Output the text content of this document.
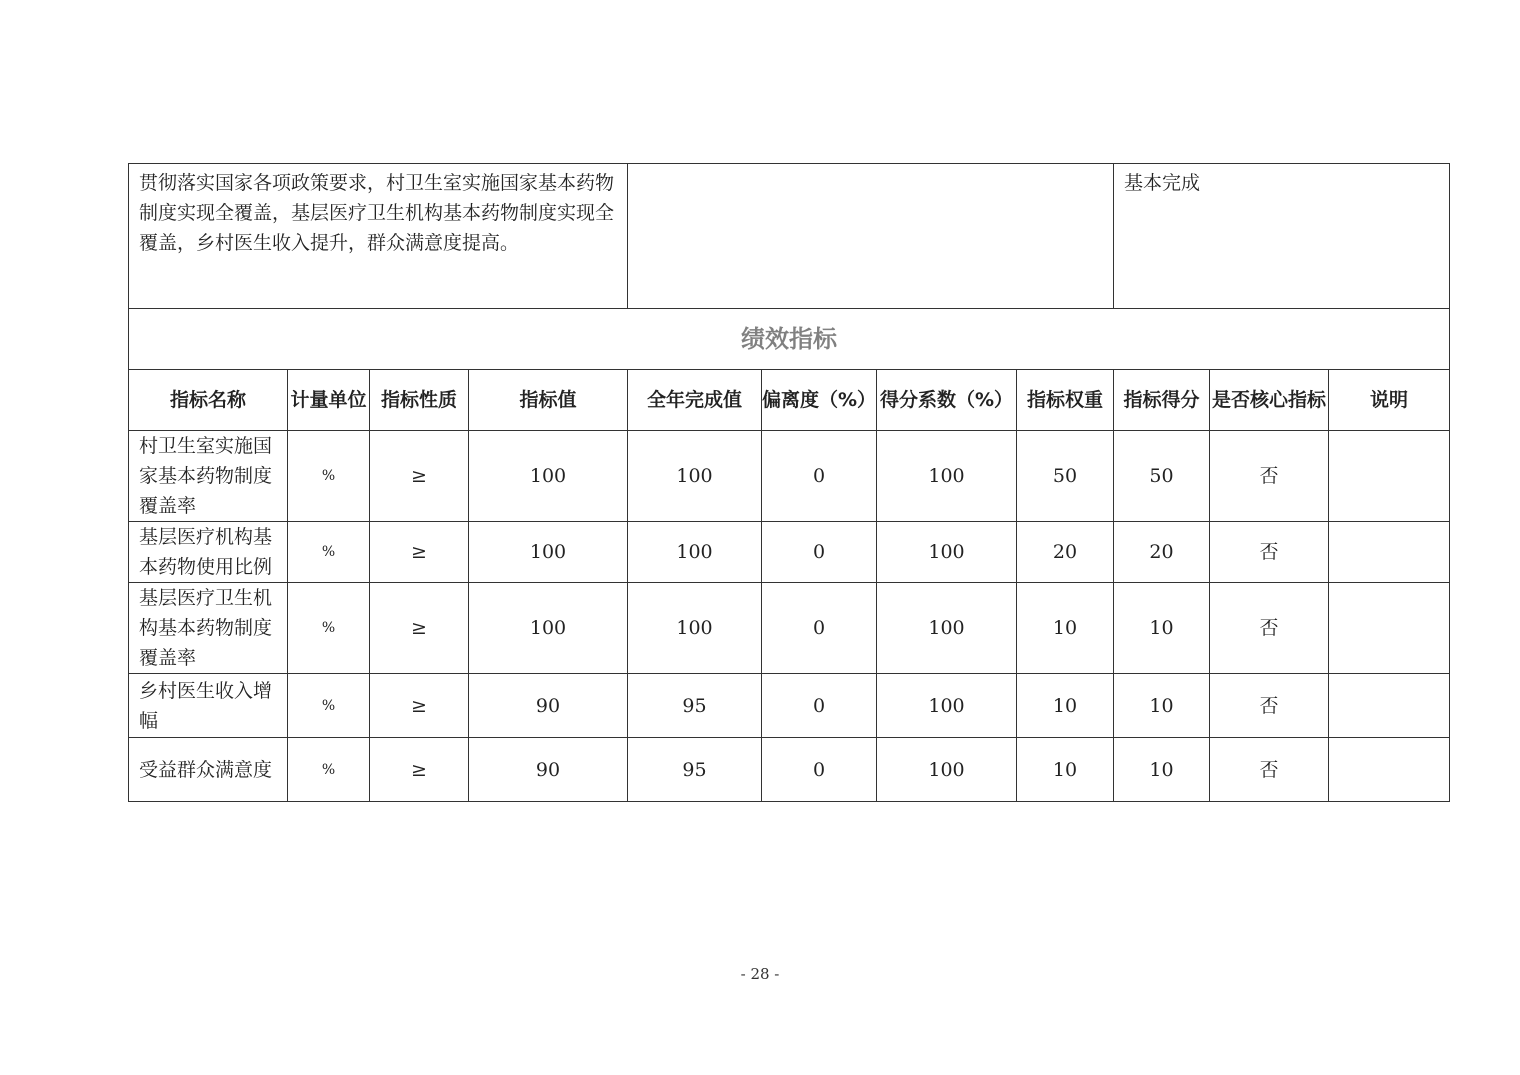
贯彻落实国家各项政策要求，村卫生室实施国家基本药物制度实现全覆盖，基层医疗卫生机构基本药物制度实现全覆盖，乡村医生收入提升，群众满意度提高。								基本完成		
绩效指标										
指标名称	计量单位	指标性质	指标值	全年完成值	偏离度（%）	得分系数（%）	指标权重	指标得分	是否核心指标	说明
村卫生室实施国家基本药物制度覆盖率	%	≥	100	100	0	100	50	50	否	
基层医疗机构基本药物使用比例	%	≥	100	100	0	100	20	20	否	
基层医疗卫生机构基本药物制度覆盖率	%	≥	100	100	0	100	10	10	否	
乡村医生收入增幅	%	≥	90	95	0	100	10	10	否	
受益群众满意度	%	≥	90	95	0	100	10	10	否	
- 28 -
